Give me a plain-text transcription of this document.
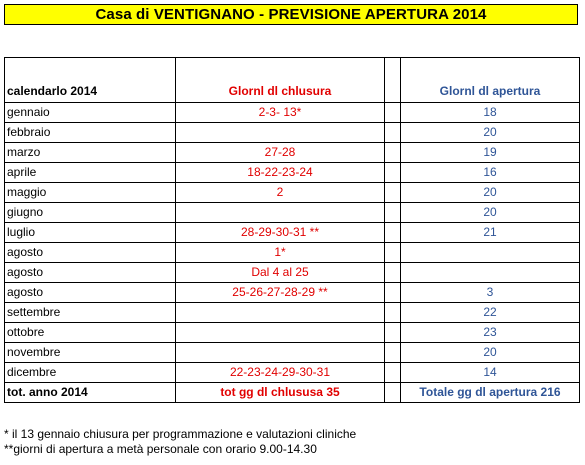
Casa di VENTIGNANO - PREVISIONE APERTURA 2014
calendarlo 2014	Glornl dl chlusura		Glornl dl apertura
gennaio	2-3- 13*		18
febbraio			20
marzo	27-28		19
aprile	18-22-23-24		16
maggio	2		20
giugno			20
luglio	28-29-30-31 **		21
agosto	1*		
agosto	Dal 4 al 25		
agosto	25-26-27-28-29 **		3
settembre			22
ottobre			23
novembre			20
dicembre	22-23-24-29-30-31		14
tot. anno 2014	tot gg dl chlususa 35		Totale gg dl apertura 216
* il 13 gennaio chiusura per programmazione e valutazioni cliniche
**giorni di apertura a metà personale con orario 9.00-14.30
